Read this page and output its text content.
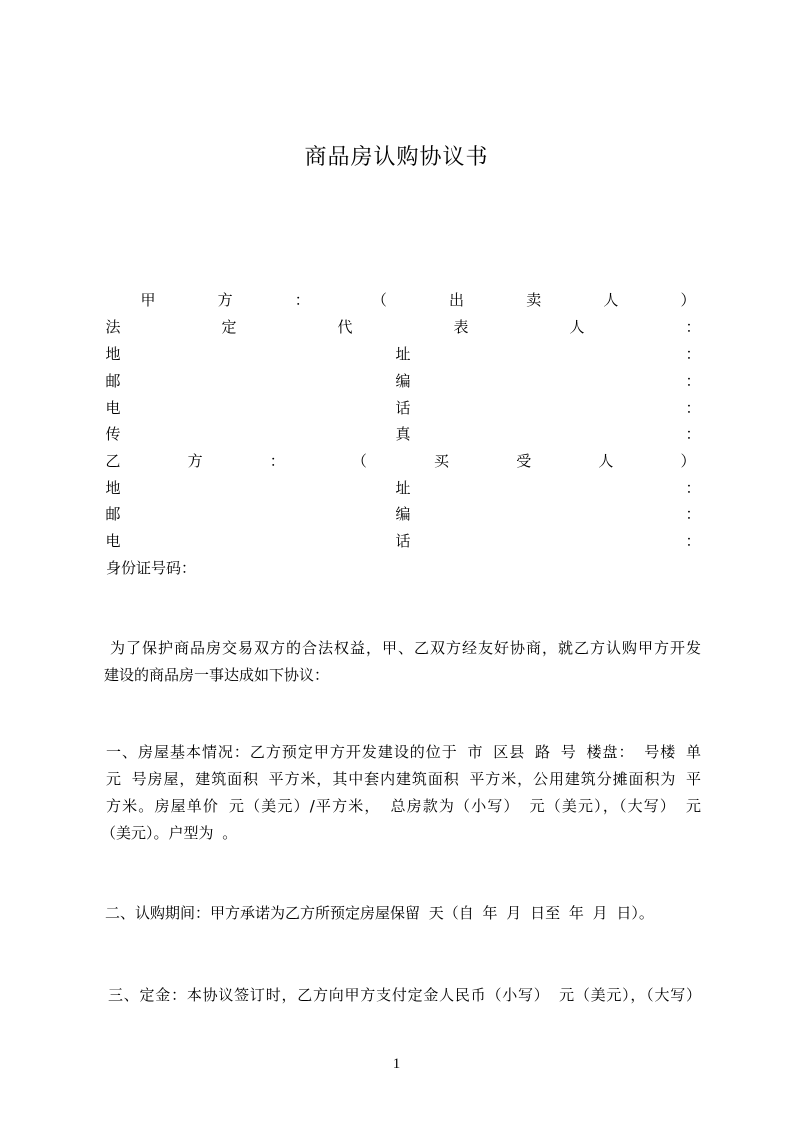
商品房认购协议书
甲	方	：	（	出	卖	人	）
法	定	代	表	人	：
地	址	：
邮	编	：
电	话	：
传	真	：
乙	方	：	（	买	受	人	）
地	址	：
邮	编	：
电	话	：
身份证号码：
为了保护商品房交易双方的合法权益，甲、乙双方经友好协商，就乙方认购甲方开发
建设的商品房一事达成如下协议：
一、房屋基本情况：乙方预定甲方开发建设的位于 市 区县 路 号 楼盘： 号楼 单
元 号房屋，建筑面积 平方米，其中套内建筑面积 平方米，公用建筑分摊面积为 平
方米。房屋单价 元（美元）/平方米， 总房款为（小写） 元（美元），（大写） 元
（美元）。户型为 。
二、认购期间：甲方承诺为乙方所预定房屋保留 天（自 年 月 日至 年 月 日）。
三、定金：本协议签订时，乙方向甲方支付定金人民币（小写） 元（美元），（大写）
1
